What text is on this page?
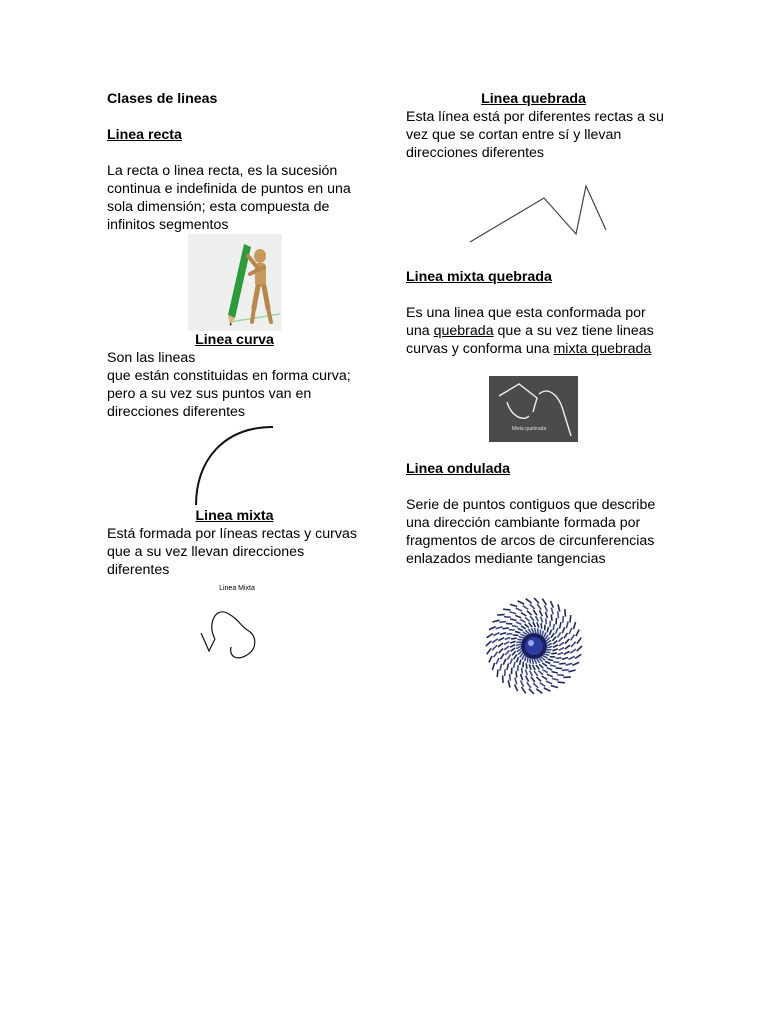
Clases de lineas

Linea recta

La recta o linea recta, es la sucesión continua e indefinida de puntos en una sola dimensión; esta compuesta de infinitos segmentos

Linea curva

Son las lineas

que están constituidas en forma curva; pero a su vez sus puntos van en direcciones diferentes

Linea mixta

Está formada por líneas rectas y curvas que a su vez llevan direcciones diferentes

Linea Mixta

Linea quebrada

Esta línea está por diferentes rectas a su vez que se cortan entre sí y llevan direcciones diferentes

Linea mixta quebrada

Es una linea que esta conformada por una quebrada que a su vez tiene lineas curvas y conforma una mixta quebrada

Mixta quebrada

Linea ondulada

Serie de puntos contiguos que describe una dirección cambiante formada por fragmentos de arcos de circunferencias enlazados mediante tangencias
